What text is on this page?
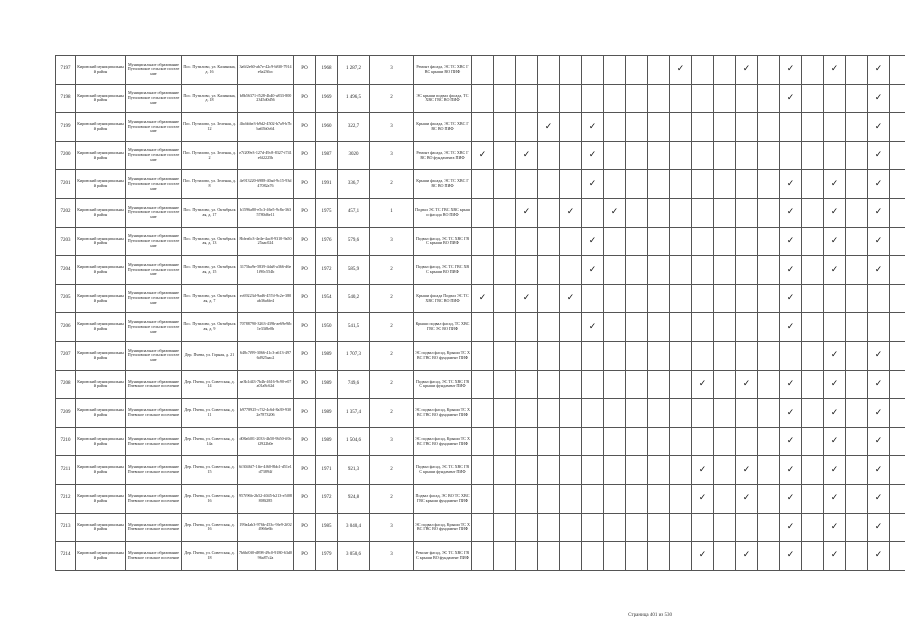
7197	Кировский муниципальный район	Муниципальное образование Путиловское сельское поселение	Пос. Путилово, ул. Калинина, д. 16	3a6f2e60-ab7e-42c9-b8f0-7914e6a236cc	РО	1968	1 287,2	3	Ремонт фасада, ЭС ТС ХВС ГВС крыши ВО ПИФ										✓			✓		✓		✓		✓	
7198	Кировский муниципальный район	Муниципальное образование Путиловское сельское поселение	Пос. Путилово, ул. Калинина, д. 18	b8b56371-f528-4b40-a833-8002345d0d56	РО	1969	1 496,5	2	ЭС крыши подвал фасада, ТС ХВС ГВС ВО ПИФ															✓				✓	
7199	Кировский муниципальный район	Муниципальное образование Путиловское сельское поселение	Пос. Путилово, ул. Зеленая, д. 12	4bcbbbe3-b9d2-4502-b7a9-b7bba65b0c64	РО	1960	322,7	3	Крыши фасада, ЭС ТС ХВС ГВС ВО ПИФ				✓		✓													✓	
7200	Кировский муниципальный район	Муниципальное образование Путиловское сельское поселение	Пос. Путилово, ул. Зеленая, д. 2	e7f209e3-127d-49c8-8327-f741e6f2225b	РО	1987	3020	3	Ремонт фасада, ЭС ТС ХВС ГВС ВО фундамента ПИФ	✓		✓			✓													✓	
7201	Кировский муниципальный район	Муниципальное образование Путиловское сельское поселение	Пос. Путилово, ул. Зеленая, д. 8	4e913220-6988-40ad-9c15-93d47082a76	РО	1991	336,7	2	Крыши фасада, ЭС ТС ХВС ГВС ВО ПИФ						✓									✓		✓		✓	
7202	Кировский муниципальный район	Муниципальное образование Путиловское сельское поселение	Пос. Путилово, ул. Октябрьская, д. 17	b1596a80-e5c3-46e5-9c8a-3635780d6e11	РО	1975	457,1	1	Подвал ЭС ТС ГВС ХВС крыши фасада ВО ПИФ			✓		✓		✓								✓		✓		✓	
7203	Кировский муниципальный район	Муниципальное образование Путиловское сельское поселение	Пос. Путилово, ул. Октябрьская, д. 13	8bfea6c3-4e4e-4ac8-9310-9a5025aac024	РО	1976	579,6	3	Подвал фасад, ЭС ТС ХВС ГВС крыши ВО ПИФ						✓									✓		✓		✓	
7204	Кировский муниципальный район	Муниципальное образование Путиловское сельское поселение	Пос. Путилово, ул. Октябрьская, д. 15	3175ba9e-5839-4da8-a366-d6e1f90c554b	РО	1972	585,9	2	Подвал фасад, ЭС ТС ГВС ХВС крыши ВО ПИФ						✓									✓		✓		✓	
7205	Кировский муниципальный район	Муниципальное образование Путиловское сельское поселение	Пос. Путилово, ул. Октябрьская, д. 7	ec69223d-9ad6-457d-9c2e-380ab36a6fe4	РО	1954	540,2	2	Крыши фасада Подвал ЭС ТС ХВС ГВС ВО ПИФ	✓		✓		✓										✓					
7206	Кировский муниципальный район	Муниципальное образование Путиловское сельское поселение	Пос. Путилово, ул. Октябрьская, д. 9	70788790-3263-439b-ae69e9fb1e33f8e0b	РО	1950	541,5	2	Крыши подвал фасад, ТС ХВС ГВС ЭС ВО ПИФ						✓									✓					
7207	Кировский муниципальный район	Муниципальное образование Путиловское сельское поселение	Дер. Пчева, ул. Горная, д. 21	648c7f99-3066-41c3-a613-4976d925aac2	РО	1989	1 707,3	2	ЭС подвал фасад, Крыши ТС ХВС ГВС ВО фундамент ПИФ																	✓		✓	
7208	Кировский муниципальный район	Муниципальное образование Пчевское сельское поселение	Дер. Пчева, ул. Советская, д. 14	ae3b1d43-7b4b-4616-9c90-e07a01a8c62d	РО	1989	749,6	2	Подвал фасад, ЭС ТС ХВС ГВС крыши фундамент ПИФ											✓		✓		✓		✓		✓	
7209	Кировский муниципальный район	Муниципальное образование Пчевское сельское поселение	Дер. Пчева, ул. Советская, д. 11	b9778925-c7f2-4c6d-8a39-9302e7873206	РО	1989	1 357,4	2	ЭС подвал фасад, Крыши ТС ХВС ГВС ВО фундамент ПИФ															✓		✓		✓	
7210	Кировский муниципальный район	Муниципальное образование Пчевское сельское поселение	Дер. Пчева, ул. Советская, д. 14а	d08a6f01-2033-4b50-9b50-ff0cf2922b0e	РО	1989	1 504,6	3	ЭС подвал фасад, Крыши ТС ХВС ГВС ВО фундамент ПИФ															✓		✓		✓	
7211	Кировский муниципальный район	Муниципальное образование Пчевское сельское поселение	Дер. Пчева, ул. Советская, д. 15	6f3046f7-1ffe-4f60-8bb1-d51e1d73894f	РО	1971	921,3	2	Подвал фасад, ЭС ТС ХВС ГВС крыши фундамент ПИФ											✓		✓		✓		✓		✓	
7212	Кировский муниципальный район	Муниципальное образование Пчевское сельское поселение	Дер. Пчева, ул. Советская, д. 16	957f96b-2b52-4045-b213-e5f08808f285	РО	1972	924,8	2	Подвал фасад, ЭС ВО ТС ХВС ГВС крыши фундамент ПИФ											✓		✓		✓		✓		✓	
7213	Кировский муниципальный район	Муниципальное образование Пчевское сельское поселение	Дер. Пчева, ул. Советская, д. 16	199a4ab3-976b-453c-9fe9-2f024966e6b	РО	1985	3 040,4	3	ЭС подвал фасад, Крыши ТС ХВС ГВС ВО фундамент ПИФ															✓		✓		✓	
7214	Кировский муниципальный район	Муниципальное образование Пчевское сельское поселение	Дер. Пчева, ул. Советская, д. 18	7b6bf0f0-d898-49c0-9180-63d096a87c2a	РО	1979	3 050,6	3	Ремонт фасад, ЭС ТС ХВС ГВС крыши ВО фундамент ПИФ											✓		✓		✓		✓		✓	
Страница 401 из 530
